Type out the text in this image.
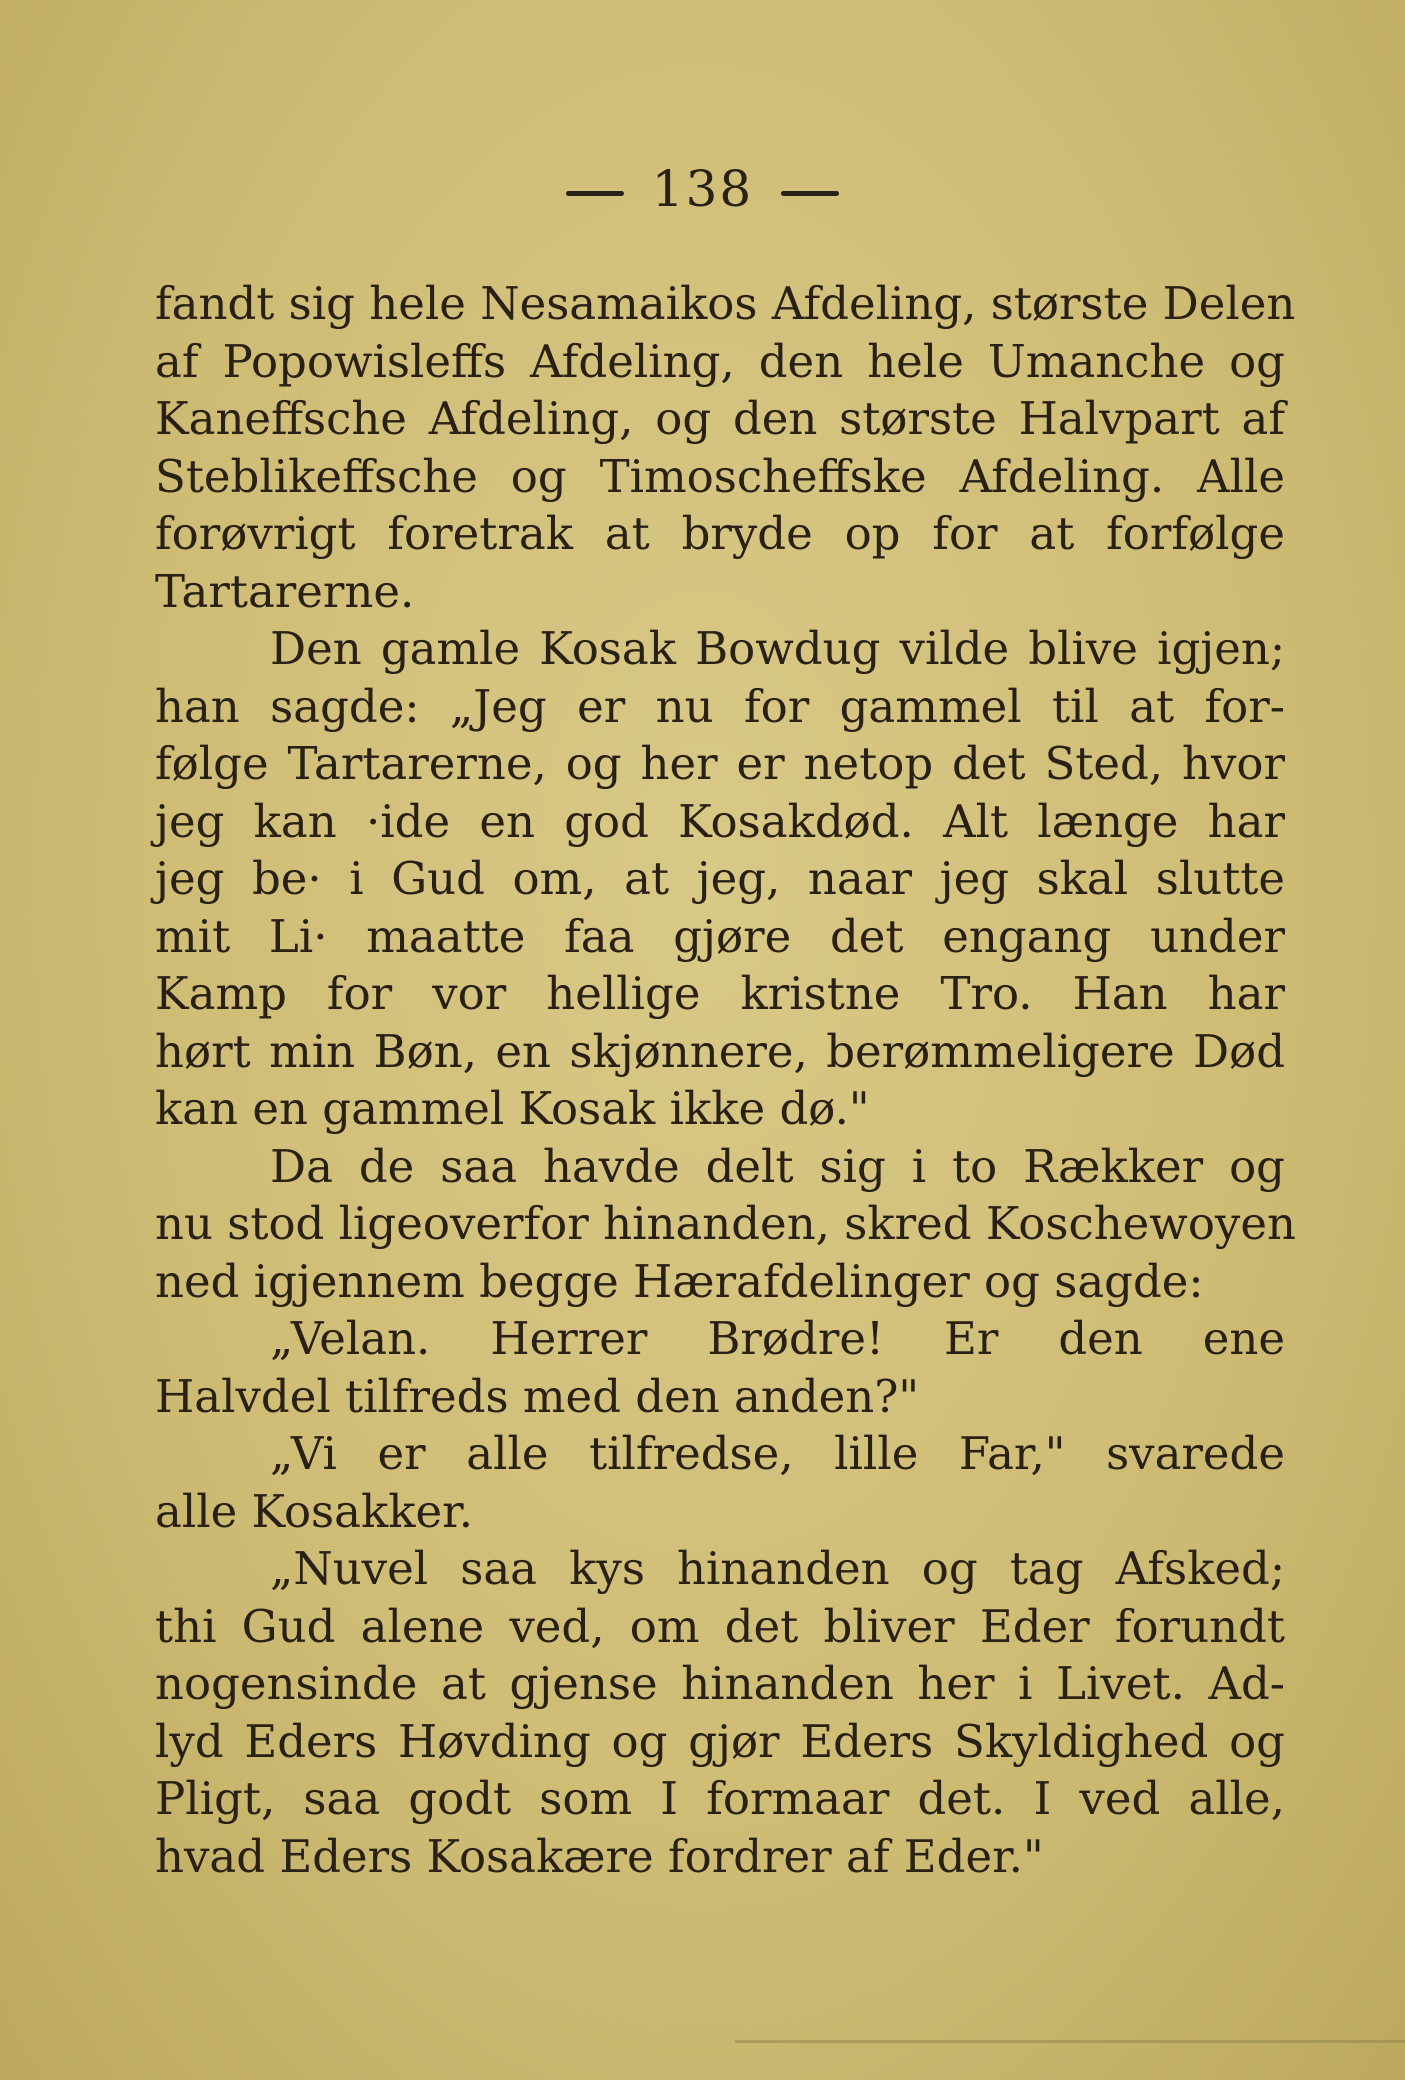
138
fandt sig hele Nesamaikos Afdeling, største Delen
af Popowisleffs Afdeling, den hele Umanche og
Kaneffsche Afdeling, og den største Halvpart af
Steblikeffsche og Timoscheffske Afdeling. Alle
forøvrigt foretrak at bryde op for at forfølge
Tartarerne.
Den gamle Kosak Bowdug vilde blive igjen;
han sagde: „Jeg er nu for gammel til at for-
følge Tartarerne, og her er netop det Sted, hvor
jeg kan ·ide en god Kosakdød. Alt længe har
jeg be· i Gud om, at jeg, naar jeg skal slutte
mit Li· maatte faa gjøre det engang under
Kamp for vor hellige kristne Tro. Han har
hørt min Bøn, en skjønnere, berømmeligere Død
kan en gammel Kosak ikke dø."
Da de saa havde delt sig i to Rækker og
nu stod ligeoverfor hinanden, skred Koschewoyen
ned igjennem begge Hærafdelinger og sagde:
„Velan. Herrer Brødre! Er den ene
Halvdel tilfreds med den anden?"
„Vi er alle tilfredse, lille Far," svarede
alle Kosakker.
„Nuvel saa kys hinanden og tag Afsked;
thi Gud alene ved, om det bliver Eder forundt
nogensinde at gjense hinanden her i Livet. Ad-
lyd Eders Høvding og gjør Eders Skyldighed og
Pligt, saa godt som I formaar det. I ved alle,
hvad Eders Kosakære fordrer af Eder."
